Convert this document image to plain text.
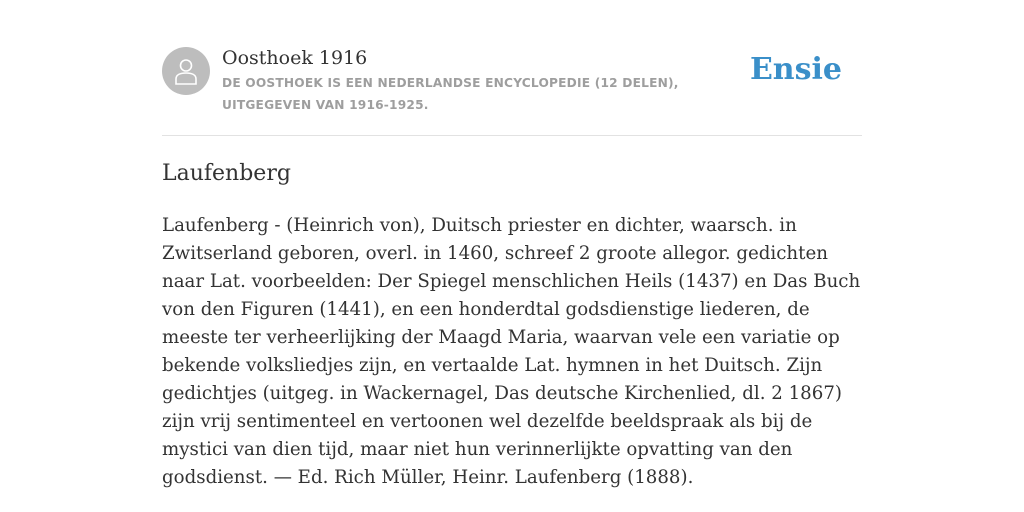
Oosthoek 1916
DE OOSTHOEK IS EEN NEDERLANDSE ENCYCLOPEDIE (12 DELEN), UITGEGEVEN VAN 1916-1925.
Ensie
Laufenberg

Laufenberg - (Heinrich von), Duitsch priester en dichter, waarsch. in Zwitserland geboren, overl. in 1460, schreef 2 groote allegor. gedichten naar Lat. voorbeelden: Der Spiegel menschlichen Heils (1437) en Das Buch von den Figuren (1441), en een honderdtal godsdienstige liederen, de meeste ter verheerlijking der Maagd Maria, waarvan vele een variatie op bekende volksliedjes zijn, en vertaalde Lat. hymnen in het Duitsch. Zijn gedichtjes (uitgeg. in Wackernagel, Das deutsche Kirchenlied, dl. 2 1867) zijn vrij sentimenteel en vertoonen wel dezelfde beeldspraak als bij de mystici van dien tijd, maar niet hun verinnerlijkte opvatting van den godsdienst. — Ed. Rich Müller, Heinr. Laufenberg (1888).
